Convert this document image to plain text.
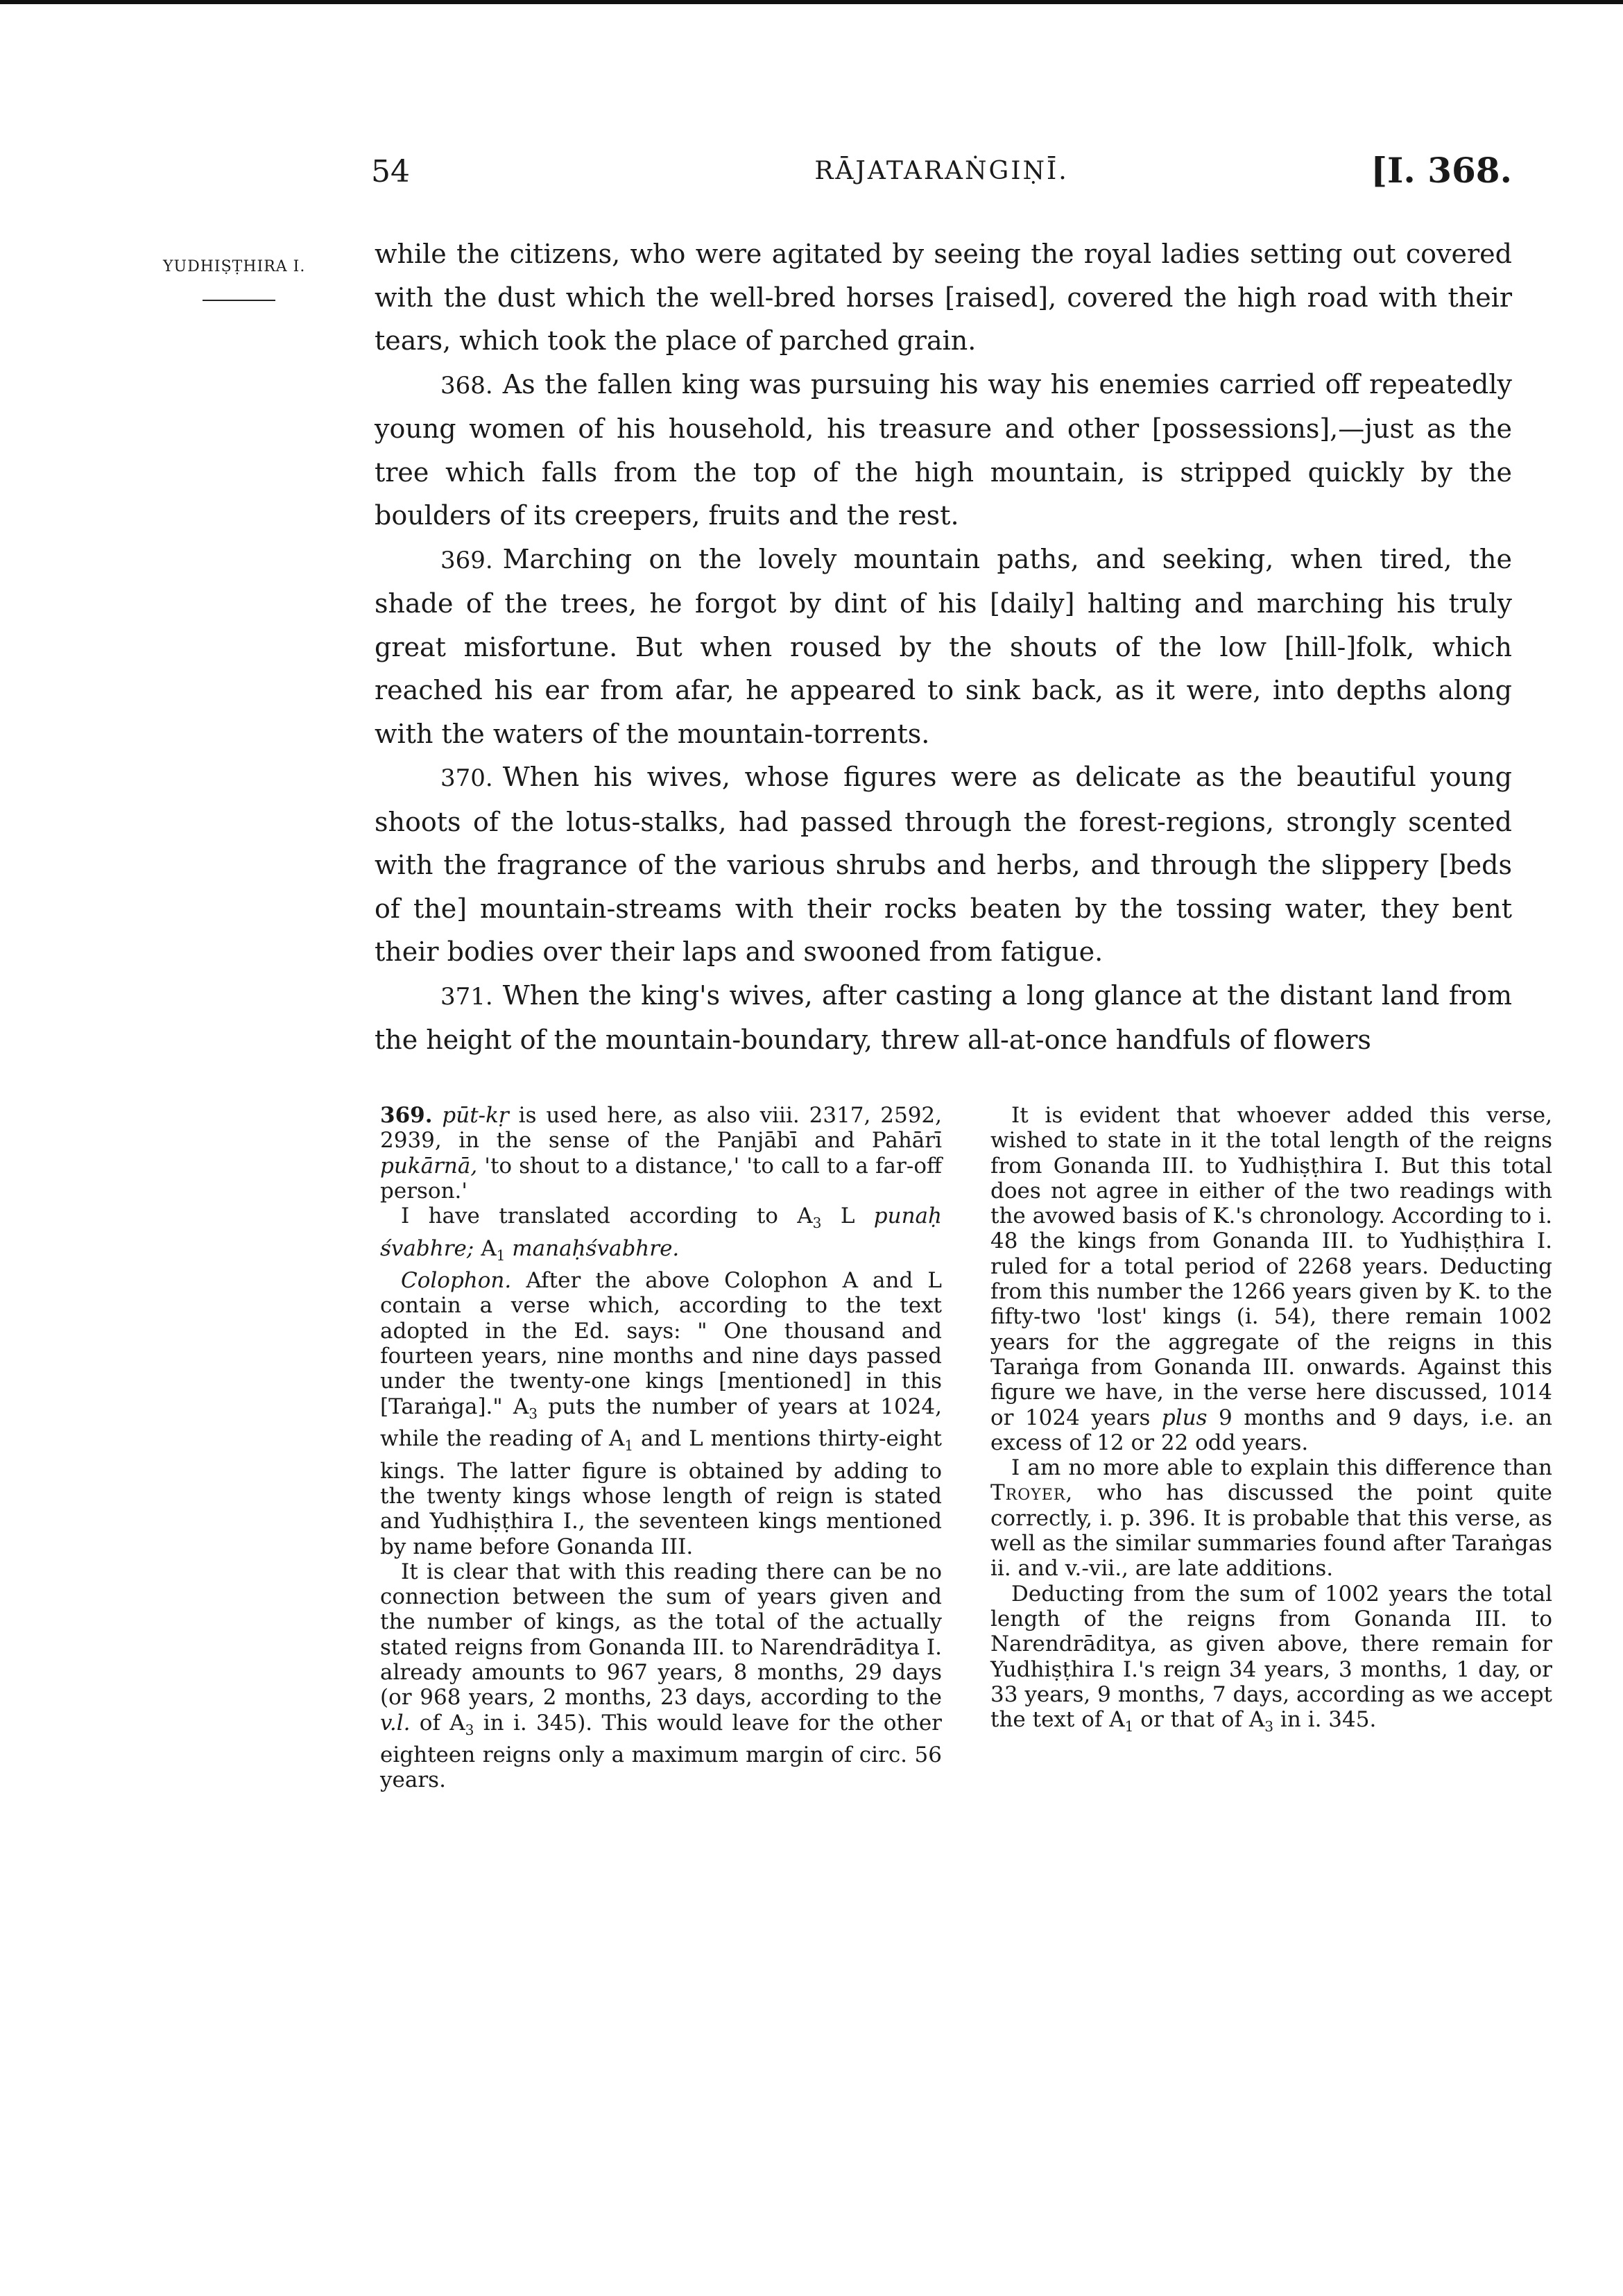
54	RĀJATARAṄGIṆĪ.	[I. 368.
YUDHIṢṬHIRA I.	while the citizens, who were agitated by seeing the royal ladies setting out covered with the dust which the well-bred horses [raised], covered the high road with their tears, which took the place of parched grain.

368. As the fallen king was pursuing his way his enemies carried off repeatedly young women of his household, his treasure and other [possessions],—just as the tree which falls from the top of the high mountain, is stripped quickly by the boulders of its creepers, fruits and the rest.

369. Marching on the lovely mountain paths, and seeking, when tired, the shade of the trees, he forgot by dint of his [daily] halting and marching his truly great misfortune. But when roused by the shouts of the low [hill-]folk, which reached his ear from afar, he appeared to sink back, as it were, into depths along with the waters of the mountain-torrents.

370. When his wives, whose figures were as delicate as the beautiful young shoots of the lotus-stalks, had passed through the forest-regions, strongly scented with the fragrance of the various shrubs and herbs, and through the slippery [beds of the] mountain-streams with their rocks beaten by the tossing water, they bent their bodies over their laps and swooned from fatigue.

371. When the king's wives, after casting a long glance at the distant land from the height of the mountain-boundary, threw all-at-once handfuls of flowers

369. pūt-kṛ is used here, as also viii. 2317, 2592, 2939, in the sense of the Panjābī and Pahārī pukārnā, 'to shout to a distance,' 'to call to a far-off person.'

I have translated according to $A_3$ L punaḥ śvabhre; $A_1$ manaḥśvabhre.

Colophon. After the above Colophon A and L contain a verse which, according to the text adopted in the Ed. says: " One thousand and fourteen years, nine months and nine days passed under the twenty-one kings [mentioned] in this [Taraṅga]." $A_3$ puts the number of years at 1024, while the reading of $A_1$ and L mentions thirty-eight kings. The latter figure is obtained by adding to the twenty kings whose length of reign is stated and Yudhiṣṭhira I., the seventeen kings mentioned by name before Gonanda III.

It is clear that with this reading there can be no connection between the sum of years given and the number of kings, as the total of the actually stated reigns from Gonanda III. to Narendrāditya I. already amounts to 967 years, 8 months, 29 days (or 968 years, 2 months, 23 days, according to the v.l. of $A_3$ in i. 345). This would leave for the other eighteen reigns only a maximum margin of circ. 56 years.

It is evident that whoever added this verse, wished to state in it the total length of the reigns from Gonanda III. to Yudhiṣṭhira I. But this total does not agree in either of the two readings with the avowed basis of K.'s chronology. According to i. 48 the kings from Gonanda III. to Yudhiṣṭhira I. ruled for a total period of 2268 years. Deducting from this number the 1266 years given by K. to the fifty-two 'lost' kings (i. 54), there remain 1002 years for the aggregate of the reigns in this Taraṅga from Gonanda III. onwards. Against this figure we have, in the verse here discussed, 1014 or 1024 years plus 9 months and 9 days, i.e. an excess of 12 or 22 odd years.

I am no more able to explain this difference than Troyer, who has discussed the point quite correctly, i. p. 396. It is probable that this verse, as well as the similar summaries found after Taraṅgas ii. and v.-vii., are late additions.

Deducting from the sum of 1002 years the total length of the reigns from Gonanda III. to Narendrāditya, as given above, there remain for Yudhiṣṭhira I.'s reign 34 years, 3 months, 1 day, or 33 years, 9 months, 7 days, according as we accept the text of $A_1$ or that of $A_3$ in i. 345.
